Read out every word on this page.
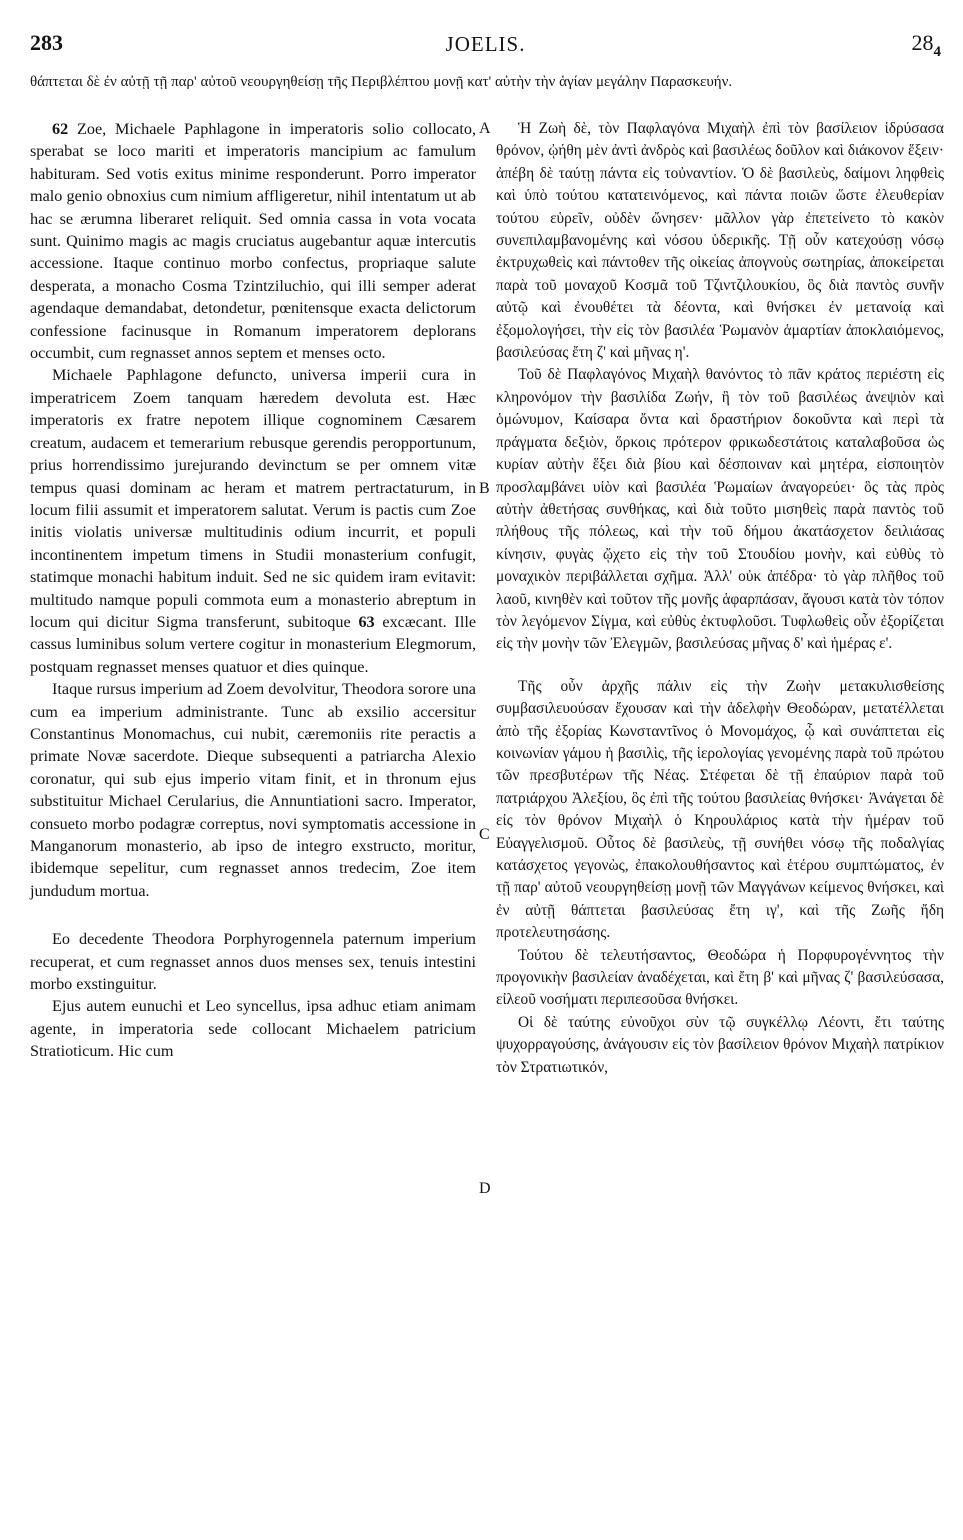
283	JOELIS.	$28_4$
θάπτεται δὲ ἐν αὐτῇ τῇ παρ' αὐτοῦ νεουργηθείσῃ τῆς Περιβλέπτου μονῇ κατ' αὐτὴν τὴν ἁγίαν μεγάλην Παρασκευήν.

62 Zoe, Michaele Paphlagone in imperatoris solio collocato, sperabat se loco mariti et imperatoris mancipium ac famulum habituram. Sed votis exitus minime responderunt. Porro imperator malo genio obnoxius cum nimium affligeretur, nihil intentatum ut ab hac se ærumna liberaret reliquit. Sed omnia cassa in vota vocata sunt. Quinimo magis ac magis cruciatus augebantur aquæ intercutis accessione. Itaque continuo morbo confectus, propriaque salute desperata, a monacho Cosma Tzintziluchio, qui illi semper aderat agendaque demandabat, detondetur, pœnitensque exacta delictorum confessione facinusque in Romanum imperatorem deplorans occumbit, cum regnasset annos septem et menses octo.

Michaele Paphlagone defuncto, universa imperii cura in imperatricem Zoem tanquam hæredem devoluta est. Hæc imperatoris ex fratre nepotem illique cognominem Cæsarem creatum, audacem et temerarium rebusque gerendis peropportunum, prius horrendissimo jurejurando devinctum se per omnem vitæ tempus quasi dominam ac heram et matrem pertractaturum, in locum filii assumit et imperatorem salutat. Verum is pactis cum Zoe initis violatis universæ multitudinis odium incurrit, et populi incontinentem impetum timens in Studii monasterium confugit, statimque monachi habitum induit. Sed ne sic quidem iram evitavit: multitudo namque populi commota eum a monasterio abreptum in locum qui dicitur Sigma transferunt, subitoque 63 excæcant. Ille cassus luminibus solum vertere cogitur in monasterium Elegmorum, postquam regnasset menses quatuor et dies quinque.

Itaque rursus imperium ad Zoem devolvitur, Theodora sorore una cum ea imperium administrante. Tunc ab exsilio accersitur Constantinus Monomachus, cui nubit, cæremoniis rite peractis a primate Novæ sacerdote. Dieque subsequenti a patriarcha Alexio coronatur, qui sub ejus imperio vitam finit, et in thronum ejus substituitur Michael Cerularius, die Annuntiationi sacro. Imperator, consueto morbo podagræ correptus, novi symptomatis accessione in Manganorum monasterio, ab ipso de integro exstructo, moritur, ibidemque sepelitur, cum regnasset annos tredecim, Zoe item jundudum mortua.

Eo decedente Theodora Porphyrogennela paternum imperium recuperat, et cum regnasset annos duos menses sex, tenuis intestini morbo exstinguitur.

Ejus autem eunuchi et Leo syncellus, ipsa adhuc etiam animam agente, in imperatoria sede collocant Michaelem patricium Stratioticum. Hic cum

Ἡ Ζωὴ δὲ, τὸν Παφλαγόνα Μιχαὴλ ἐπὶ τὸν βασίλειον ἱδρύσασα θρόνον, ᾠήθη μὲν ἀντὶ ἀνδρὸς καὶ βασιλέως δοῦλον καὶ διάκονον ἕξειν· ἀπέβη δὲ ταύτῃ πάντα εἰς τοὐναντίον. Ὁ δὲ βασιλεὺς, δαίμονι ληφθεὶς καὶ ὑπὸ τούτου κατατεινόμενος, καὶ πάντα ποιῶν ὥστε ἐλευθερίαν τούτου εὑρεῖν, οὐδὲν ὤνησεν· μᾶλλον γὰρ ἐπετείνετο τὸ κακὸν συνεπιλαμβανομένης καὶ νόσου ὑδερικῆς. Τῇ οὖν κατεχούσῃ νόσῳ ἐκτρυχωθεὶς καὶ πάντοθεν τῆς οἰκείας ἀπογνοὺς σωτηρίας, ἀποκείρεται παρὰ τοῦ μοναχοῦ Κοσμᾶ τοῦ Τζιντζιλουκίου, ὃς διὰ παντὸς συνῆν αὐτῷ καὶ ἐνουθέτει τὰ δέοντα, καὶ θνήσκει ἐν μετανοίᾳ καὶ ἐξομολογήσει, τὴν εἰς τὸν βασιλέα Ῥωμανὸν ἁμαρτίαν ἀποκλαιόμενος, βασιλεύσας ἔτη ζ' καὶ μῆνας η'.

Τοῦ δὲ Παφλαγόνος Μιχαὴλ θανόντος τὸ πᾶν κράτος περιέστη εἰς κληρονόμον τὴν βασιλίδα Ζωήν, ἣ τὸν τοῦ βασιλέως ἀνεψιὸν καὶ ὁμώνυμον, Καίσαρα ὄντα καὶ δραστήριον δοκοῦντα καὶ περὶ τὰ πράγματα δεξιὸν, ὅρκοις πρότερον φρικωδεστάτοις καταλαβοῦσα ὡς κυρίαν αὐτὴν ἕξει διὰ βίου καὶ δέσποιναν καὶ μητέρα, εἰσποιητὸν προσλαμβάνει υἱὸν καὶ βασιλέα Ῥωμαίων ἀναγορεύει· ὃς τὰς πρὸς αὐτὴν ἀθετήσας συνθήκας, καὶ διὰ τοῦτο μισηθεὶς παρὰ παντὸς τοῦ πλήθους τῆς πόλεως, καὶ τὴν τοῦ δήμου ἀκατάσχετον δειλιάσας κίνησιν, φυγὰς ᾤχετο εἰς τὴν τοῦ Στουδίου μονὴν, καὶ εὐθὺς τὸ μοναχικὸν περιβάλλεται σχῆμα. Ἀλλ' οὐκ ἀπέδρα· τὸ γὰρ πλῆθος τοῦ λαοῦ, κινηθὲν καὶ τοῦτον τῆς μονῆς ἁφαρπάσαν, ἄγουσι κατὰ τὸν τόπον τὸν λεγόμενον Σίγμα, καὶ εὐθὺς ἐκτυφλοῦσι. Τυφλωθεὶς οὖν ἐξορίζεται εἰς τὴν μονὴν τῶν Ἐλεγμῶν, βασιλεύσας μῆνας δ' καὶ ἡμέρας ε'.

Τῆς οὖν ἀρχῆς πάλιν εἰς τὴν Ζωὴν μετακυλισθείσης συμβασιλευούσαν ἔχουσαν καὶ τὴν ἀδελφὴν Θεοδώραν, μετατέλλεται ἀπὸ τῆς ἐξορίας Κωνσταντῖνος ὁ Μονομάχος, ᾧ καὶ συνάπτεται εἰς κοινωνίαν γάμου ἡ βασιλὶς, τῆς ἱερολογίας γενομένης παρὰ τοῦ πρώτου τῶν πρεσβυτέρων τῆς Νέας. Στέφεται δὲ τῇ ἐπαύριον παρὰ τοῦ πατριάρχου Ἀλεξίου, ὃς ἐπὶ τῆς τούτου βασιλείας θνήσκει· Ἀνάγεται δὲ εἰς τὸν θρόνον Μιχαὴλ ὁ Κηρουλάριος κατὰ τὴν ἡμέραν τοῦ Εὐαγγελισμοῦ. Οὗτος δὲ βασιλεὺς, τῇ συνήθει νόσῳ τῆς ποδαλγίας κατάσχετος γεγονὼς, ἐπακολουθήσαντος καὶ ἑτέρου συμπτώματος, ἐν τῇ παρ' αὐτοῦ νεουργηθείσῃ μονῇ τῶν Μαγγάνων κείμενος θνήσκει, καὶ ἐν αὐτῇ θάπτεται βασιλεύσας ἔτη ιγ', καὶ τῆς Ζωῆς ἤδη προτελευτησάσης.

Τούτου δὲ τελευτήσαντος, Θεοδώρα ἡ Πορφυρογέννητος τὴν προγονικὴν βασιλείαν ἀναδέχεται, καὶ ἔτη β' καὶ μῆνας ζ' βασιλεύσασα, εἰλεοῦ νοσήματι περιπεσοῦσα θνήσκει.

Οἱ δὲ ταύτης εὐνοῦχοι σὺν τῷ συγκέλλῳ Λέοντι, ἔτι ταύτης ψυχορραγούσης, ἀνάγουσιν εἰς τὸν βασίλειον θρόνον Μιχαὴλ πατρίκιον τὸν Στρατιωτικόν,

A
B
C
D
